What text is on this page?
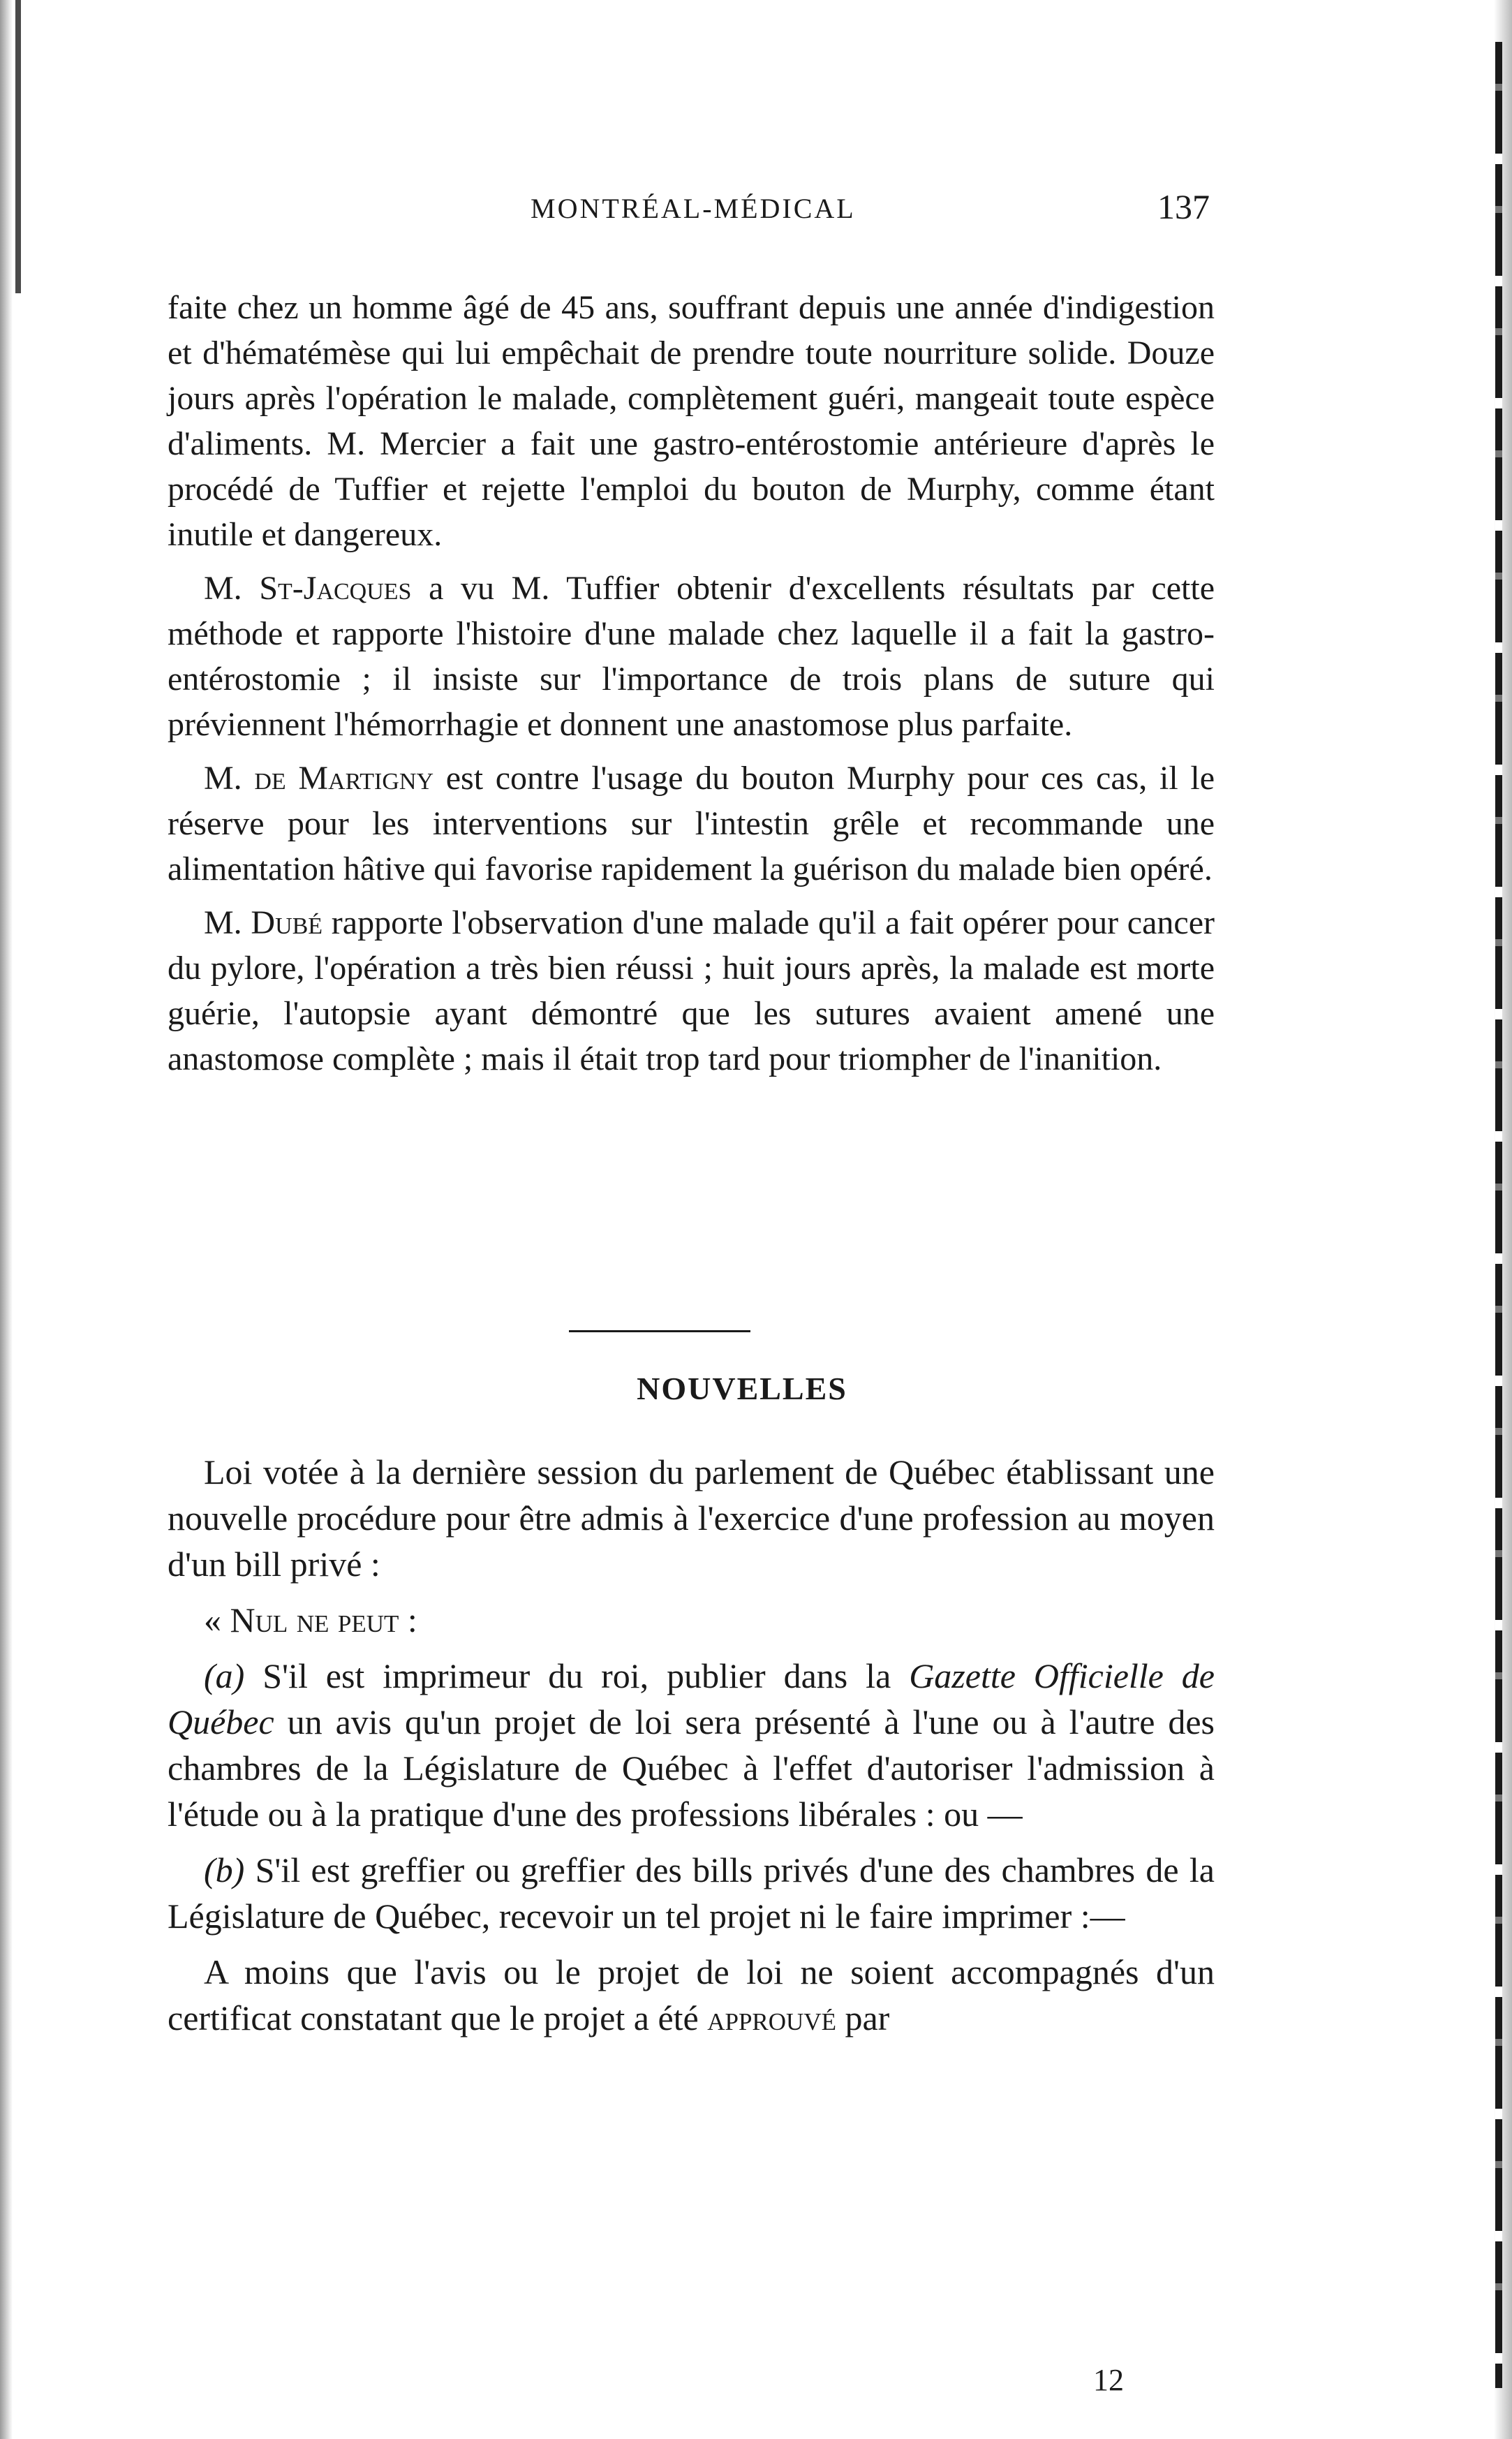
MONTRÉAL-MÉDICAL	137

faite chez un homme âgé de 45 ans, souffrant depuis une année d'indigestion et d'hématémèse qui lui empêchait de prendre toute nourriture solide. Douze jours après l'opération le malade, complètement guéri, mangeait toute espèce d'aliments. M. Mercier a fait une gastro-entérostomie antérieure d'après le procédé de Tuffier et rejette l'emploi du bouton de Murphy, comme étant inutile et dangereux.

M. St-Jacques a vu M. Tuffier obtenir d'excellents résultats par cette méthode et rapporte l'histoire d'une malade chez laquelle il a fait la gastro-entérostomie ; il insiste sur l'importance de trois plans de suture qui préviennent l'hémorrhagie et donnent une anastomose plus parfaite.

M. de Martigny est contre l'usage du bouton Murphy pour ces cas, il le réserve pour les interventions sur l'intestin grêle et recommande une alimentation hâtive qui favorise rapidement la guérison du malade bien opéré.

M. Dubé rapporte l'observation d'une malade qu'il a fait opérer pour cancer du pylore, l'opération a très bien réussi ; huit jours après, la malade est morte guérie, l'autopsie ayant démontré que les sutures avaient amené une anastomose complète ; mais il était trop tard pour triompher de l'inanition.

NOUVELLES

Loi votée à la dernière session du parlement de Québec établissant une nouvelle procédure pour être admis à l'exercice d'une profession au moyen d'un bill privé :

« Nul ne peut :

(a) S'il est imprimeur du roi, publier dans la Gazette Officielle de Québec un avis qu'un projet de loi sera présenté à l'une ou à l'autre des chambres de la Législature de Québec à l'effet d'autoriser l'admission à l'étude ou à la pratique d'une des professions libérales : ou —

(b) S'il est greffier ou greffier des bills privés d'une des chambres de la Législature de Québec, recevoir un tel projet ni le faire imprimer :—

A moins que l'avis ou le projet de loi ne soient accompagnés d'un certificat constatant que le projet a été approuvé par

12
